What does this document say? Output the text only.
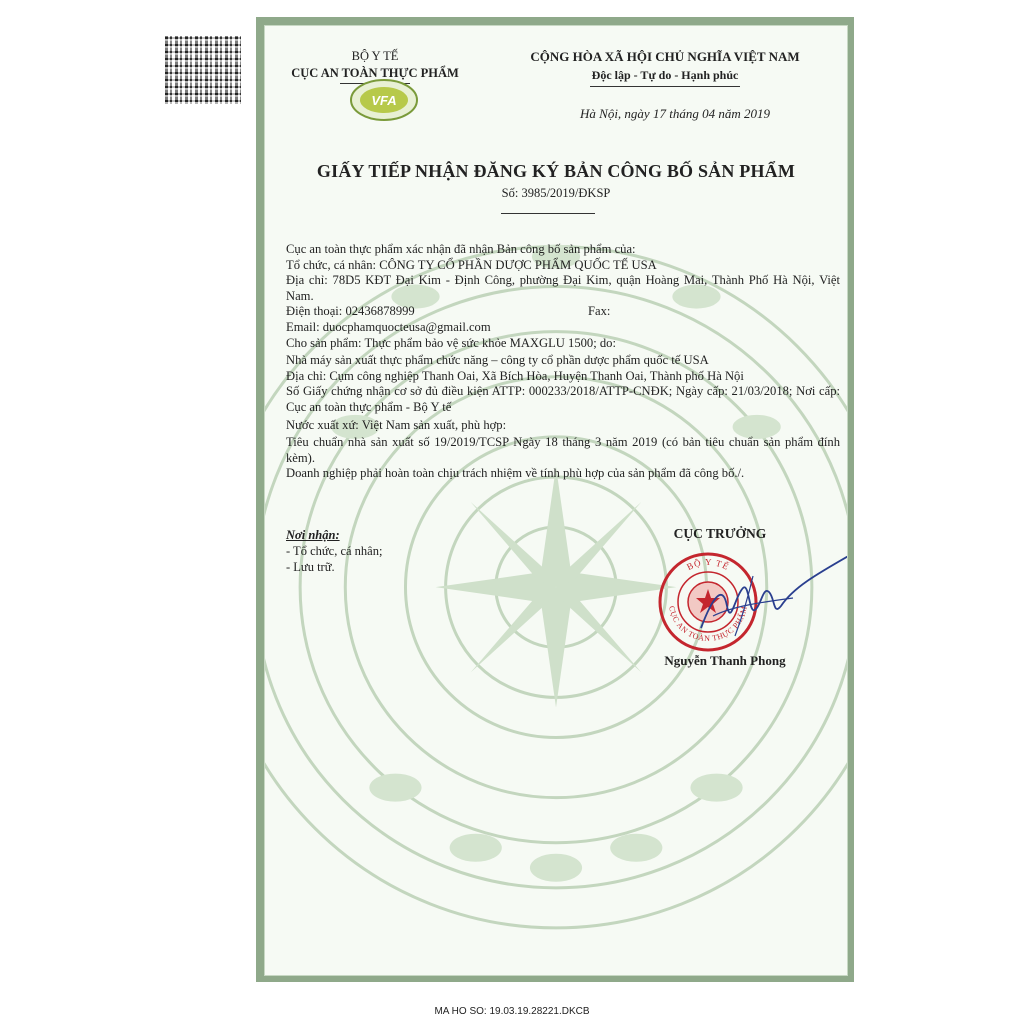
BỘ Y TẾ
CỤC AN TOÀN THỰC PHẨM
VFA
CỘNG HÒA XÃ HỘI CHỦ NGHĨA VIỆT NAM
Độc lập - Tự do - Hạnh phúc
Hà Nội, ngày 17 tháng 04 năm 2019
GIẤY TIẾP NHẬN ĐĂNG KÝ BẢN CÔNG BỐ SẢN PHẨM
Số: 3985/2019/ĐKSP

Cục an toàn thực phẩm xác nhận đã nhận Bản công bố sản phẩm của:

Tổ chức, cá nhân: CÔNG TY CỔ PHẦN DƯỢC PHẨM QUỐC TẾ USA

Địa chỉ: 78D5 KĐT Đại Kim - Định Công, phường Đại Kim, quận Hoàng Mai, Thành Phố Hà Nội, Việt Nam.

Điện thoại: 02436878999	Fax:

Email: duocphamquocteusa@gmail.com

Cho sản phẩm: Thực phẩm bảo vệ sức khỏe MAXGLU 1500; do:

Nhà máy sản xuất thực phẩm chức năng – công ty cổ phần dược phẩm quốc tế USA

Địa chỉ: Cụm công nghiệp Thanh Oai, Xã Bích Hòa, Huyện Thanh Oai, Thành phố Hà Nội

Số Giấy chứng nhận cơ sở đủ điều kiện ATTP: 000233/2018/ATTP-CNĐK; Ngày cấp: 21/03/2018; Nơi cấp: Cục an toàn thực phẩm - Bộ Y tế

Nước xuất xứ: Việt Nam sản xuất, phù hợp:

Tiêu chuẩn nhà sản xuất số 19/2019/TCSP Ngày 18 tháng 3 năm 2019 (có bản tiêu chuẩn sản phẩm đính kèm).

Doanh nghiệp phải hoàn toàn chịu trách nhiệm về tính phù hợp của sản phẩm đã công bố./.

Nơi nhận:
- Tổ chức, cá nhân;
- Lưu trữ.
CỤC TRƯỞNG
BỘ Y TẾ
CỤC AN TOÀN THỰC PHẨM
Nguyễn Thanh Phong
MA HO SO: 19.03.19.28221.DKCB
